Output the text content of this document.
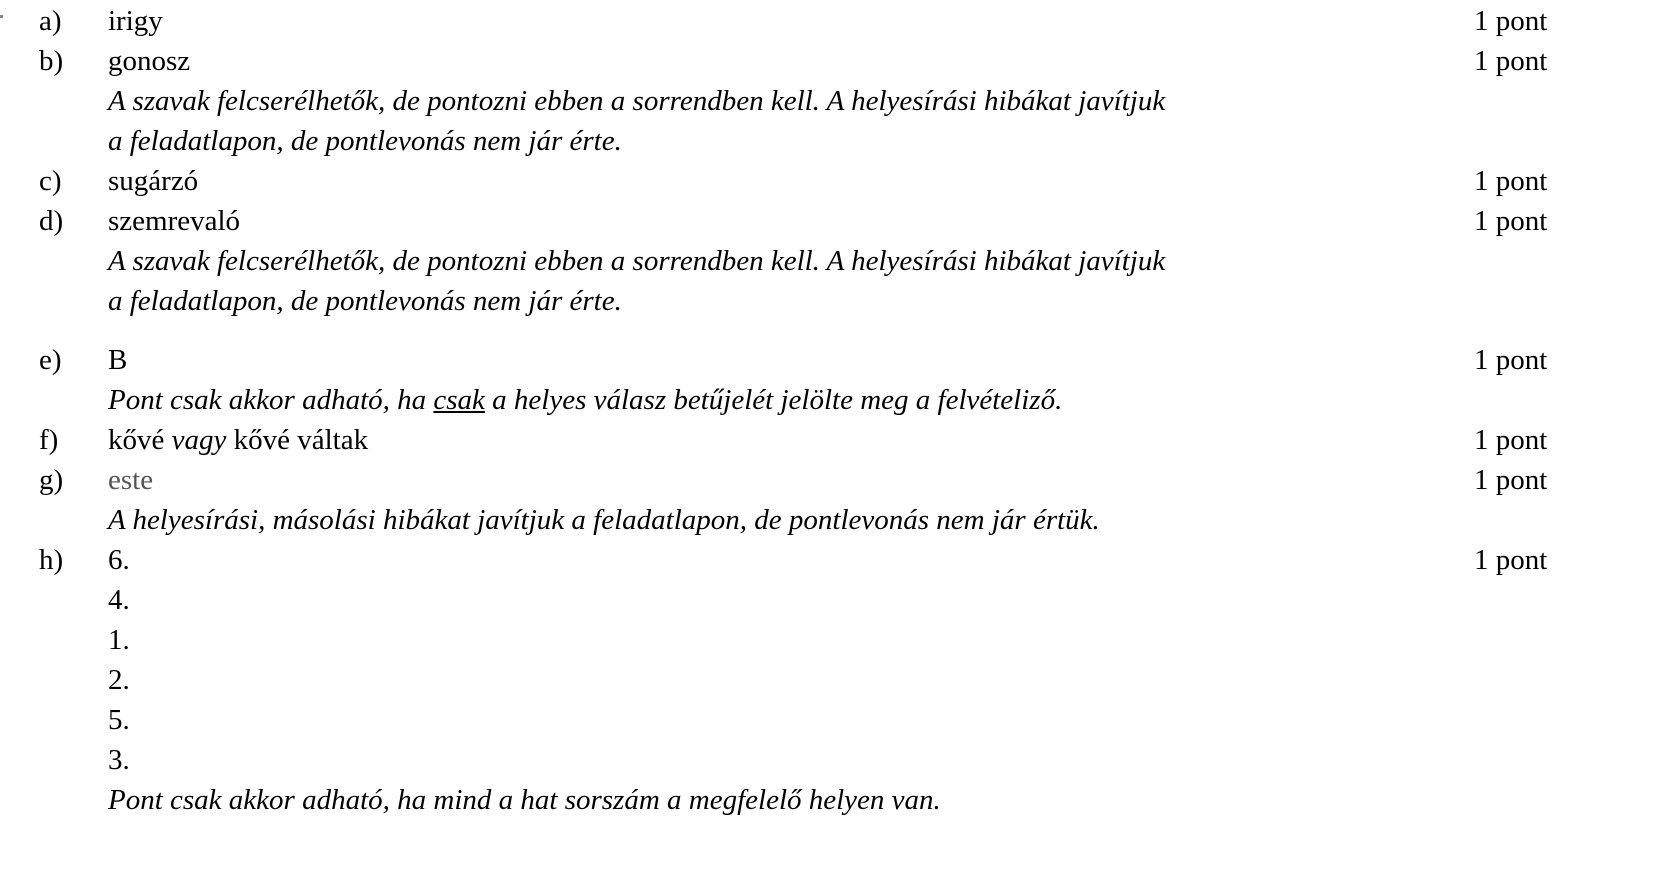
a) irigy	1 pont
b) gonosz	1 pont
A szavak felcserélhetők, de pontozni ebben a sorrendben kell. A helyesírási hibákat javítjuk
a feladatlapon, de pontlevonás nem jár érte.
c) sugárzó	1 pont
d) szemrevaló	1 pont
A szavak felcserélhetők, de pontozni ebben a sorrendben kell. A helyesírási hibákat javítjuk
a feladatlapon, de pontlevonás nem jár érte.
e) B	1 pont
Pont csak akkor adható, ha csak a helyes válasz betűjelét jelölte meg a felvételiző.
f) kővé vagy kővé váltak	1 pont
g) este	1 pont
A helyesírási, másolási hibákat javítjuk a feladatlapon, de pontlevonás nem jár értük.
h) 6.	1 pont
4.
1.
2.
5.
3.
Pont csak akkor adható, ha mind a hat sorszám a megfelelő helyen van.
